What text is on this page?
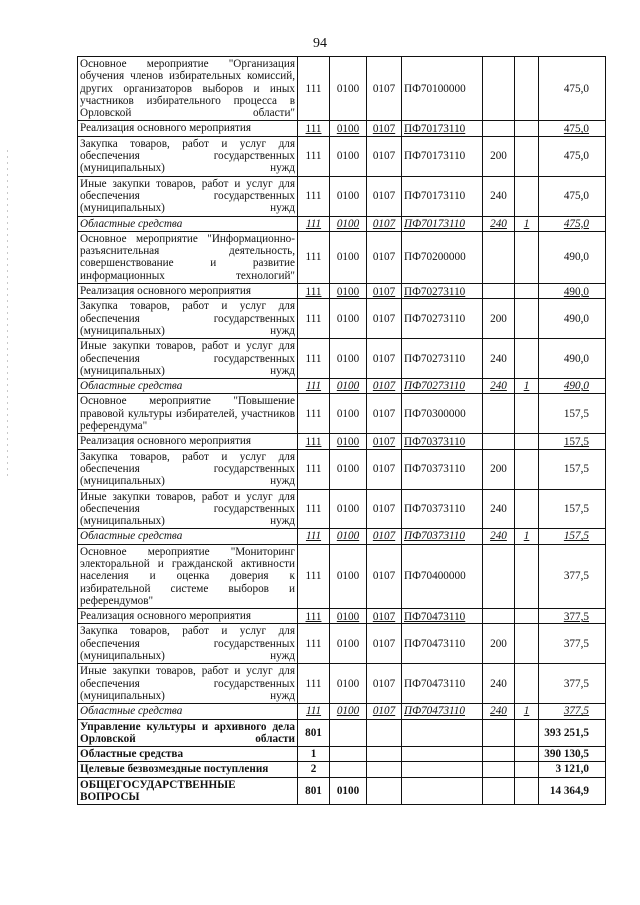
94
Основное мероприятие "Организация обучения членов избирательных комиссий, других организаторов выборов и иных участников избирательного процесса в Орловской области"	111	0100	0107	ПФ70100000			475,0
Реализация основного мероприятия	111	0100	0107	ПФ70173110			475,0
Закупка товаров, работ и услуг для обеспечения государственных (муниципальных) нужд	111	0100	0107	ПФ70173110	200		475,0
Иные закупки товаров, работ и услуг для обеспечения государственных (муниципальных) нужд	111	0100	0107	ПФ70173110	240		475,0
Областные средства	111	0100	0107	ПФ70173110	240	1	475,0
Основное мероприятие "Информационно-разъяснительная деятельность, совершенствование и развитие информационных технологий"	111	0100	0107	ПФ70200000			490,0
Реализация основного мероприятия	111	0100	0107	ПФ70273110			490,0
Закупка товаров, работ и услуг для обеспечения государственных (муниципальных) нужд	111	0100	0107	ПФ70273110	200		490,0
Иные закупки товаров, работ и услуг для обеспечения государственных (муниципальных) нужд	111	0100	0107	ПФ70273110	240		490,0
Областные средства	111	0100	0107	ПФ70273110	240	1	490,0
Основное мероприятие "Повышение правовой культуры избирателей, участников референдума"	111	0100	0107	ПФ70300000			157,5
Реализация основного мероприятия	111	0100	0107	ПФ70373110			157,5
Закупка товаров, работ и услуг для обеспечения государственных (муниципальных) нужд	111	0100	0107	ПФ70373110	200		157,5
Иные закупки товаров, работ и услуг для обеспечения государственных (муниципальных) нужд	111	0100	0107	ПФ70373110	240		157,5
Областные средства	111	0100	0107	ПФ70373110	240	1	157,5
Основное мероприятие "Мониторинг электоральной и гражданской активности населения и оценка доверия к избирательной системе выборов и референдумов"	111	0100	0107	ПФ70400000			377,5
Реализация основного мероприятия	111	0100	0107	ПФ70473110			377,5
Закупка товаров, работ и услуг для обеспечения государственных (муниципальных) нужд	111	0100	0107	ПФ70473110	200		377,5
Иные закупки товаров, работ и услуг для обеспечения государственных (муниципальных) нужд	111	0100	0107	ПФ70473110	240		377,5
Областные средства	111	0100	0107	ПФ70473110	240	1	377,5
Управление культуры и архивного дела Орловской области	801						393 251,5
Областные средства	1						390 130,5
Целевые безвозмездные поступления	2						3 121,0
ОБЩЕГОСУДАРСТВЕННЫЕ ВОПРОСЫ	801	0100					14 364,9
